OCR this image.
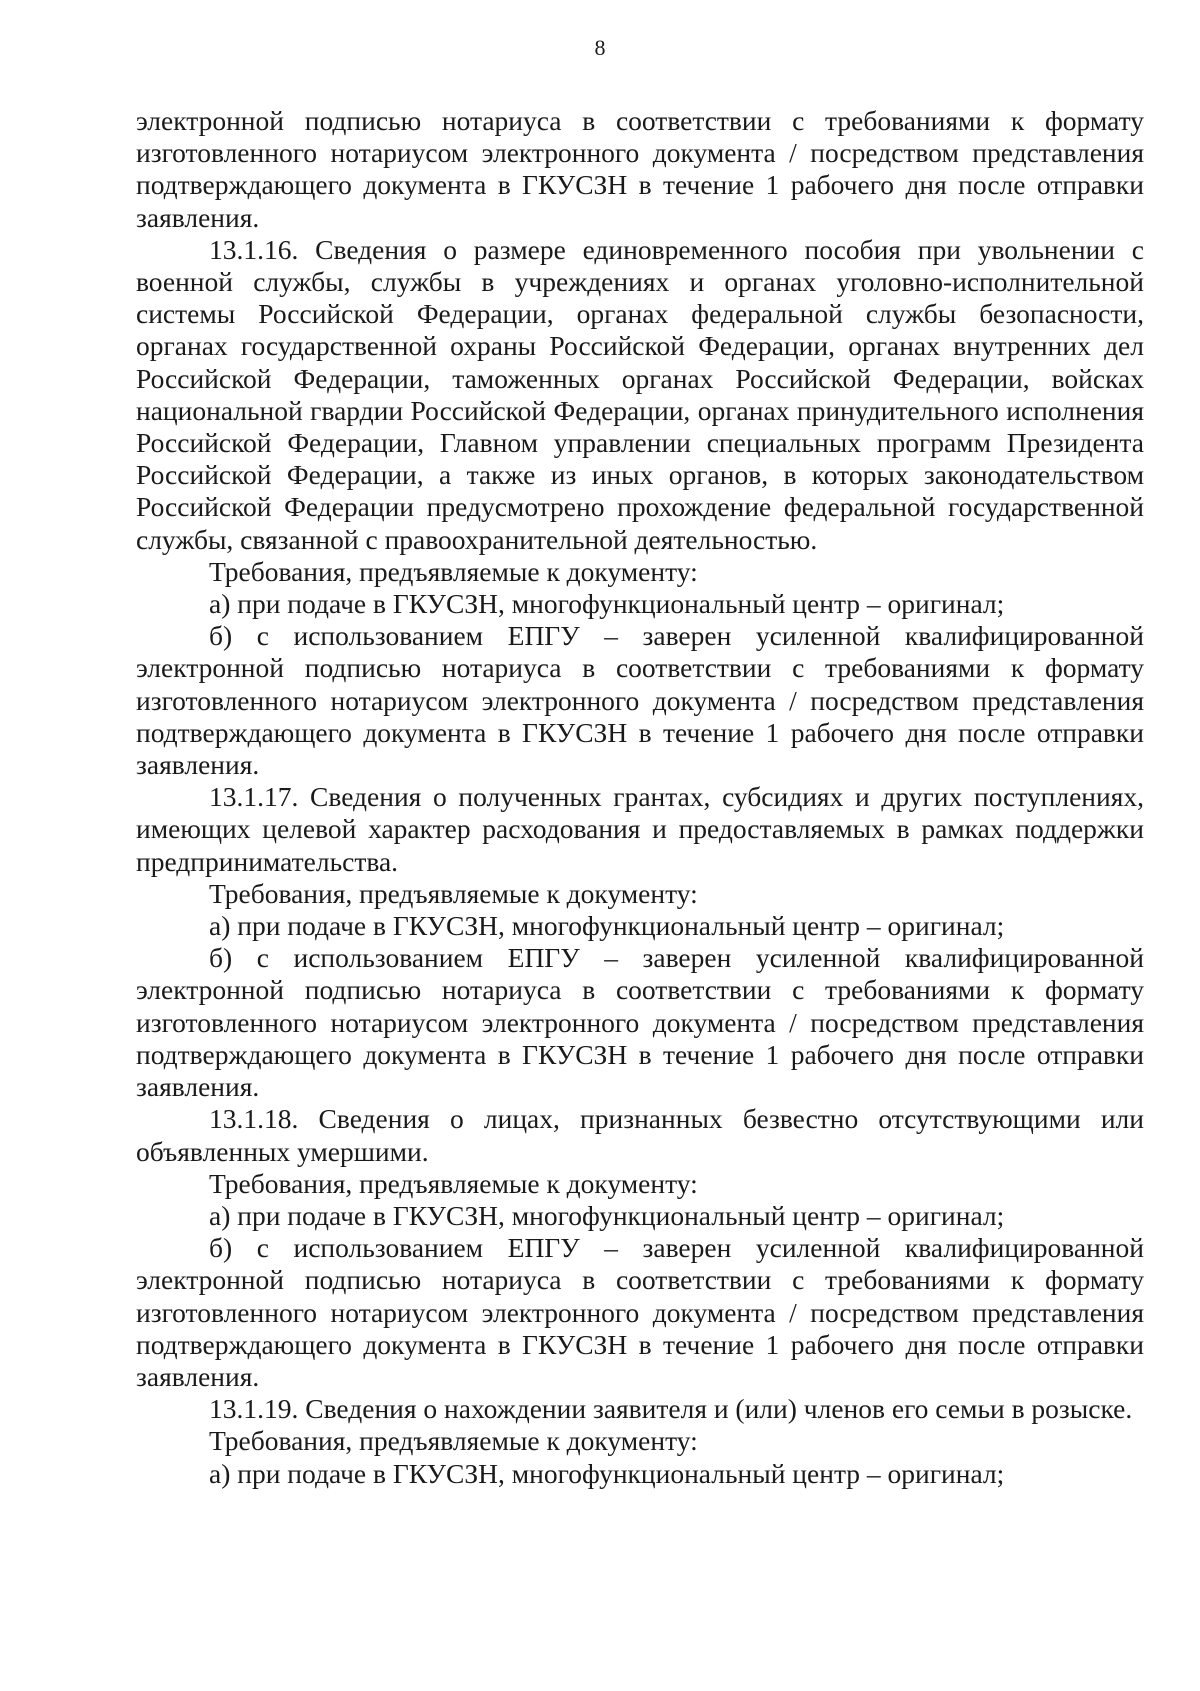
8

электронной подписью нотариуса в соответствии с требованиями к формату изготовленного нотариусом электронного документа / посредством представления подтверждающего документа в ГКУСЗН в течение 1 рабочего дня после отправки заявления.

13.1.16. Сведения о размере единовременного пособия при увольнении с военной службы, службы в учреждениях и органах уголовно-исполнительной системы Российской Федерации, органах федеральной службы безопасности, органах государственной охраны Российской Федерации, органах внутренних дел Российской Федерации, таможенных органах Российской Федерации, войсках национальной гвардии Российской Федерации, органах принудительного исполнения Российской Федерации, Главном управлении специальных программ Президента Российской Федерации, а также из иных органов, в которых законодательством Российской Федерации предусмотрено прохождение федеральной государственной службы, связанной с правоохранительной деятельностью.

Требования, предъявляемые к документу:

а) при подаче в ГКУСЗН, многофункциональный центр – оригинал;

б) с использованием ЕПГУ – заверен усиленной квалифицированной электронной подписью нотариуса в соответствии с требованиями к формату изготовленного нотариусом электронного документа / посредством представления подтверждающего документа в ГКУСЗН в течение 1 рабочего дня после отправки заявления.

13.1.17. Сведения о полученных грантах, субсидиях и других поступлениях, имеющих целевой характер расходования и предоставляемых в рамках поддержки предпринимательства.

Требования, предъявляемые к документу:

а) при подаче в ГКУСЗН, многофункциональный центр – оригинал;

б) с использованием ЕПГУ – заверен усиленной квалифицированной электронной подписью нотариуса в соответствии с требованиями к формату изготовленного нотариусом электронного документа / посредством представления подтверждающего документа в ГКУСЗН в течение 1 рабочего дня после отправки заявления.

13.1.18. Сведения о лицах, признанных безвестно отсутствующими или объявленных умершими.

Требования, предъявляемые к документу:

а) при подаче в ГКУСЗН, многофункциональный центр – оригинал;

б) с использованием ЕПГУ – заверен усиленной квалифицированной электронной подписью нотариуса в соответствии с требованиями к формату изготовленного нотариусом электронного документа / посредством представления подтверждающего документа в ГКУСЗН в течение 1 рабочего дня после отправки заявления.

13.1.19. Сведения о нахождении заявителя и (или) членов его семьи в розыске.

Требования, предъявляемые к документу:

а) при подаче в ГКУСЗН, многофункциональный центр – оригинал;
